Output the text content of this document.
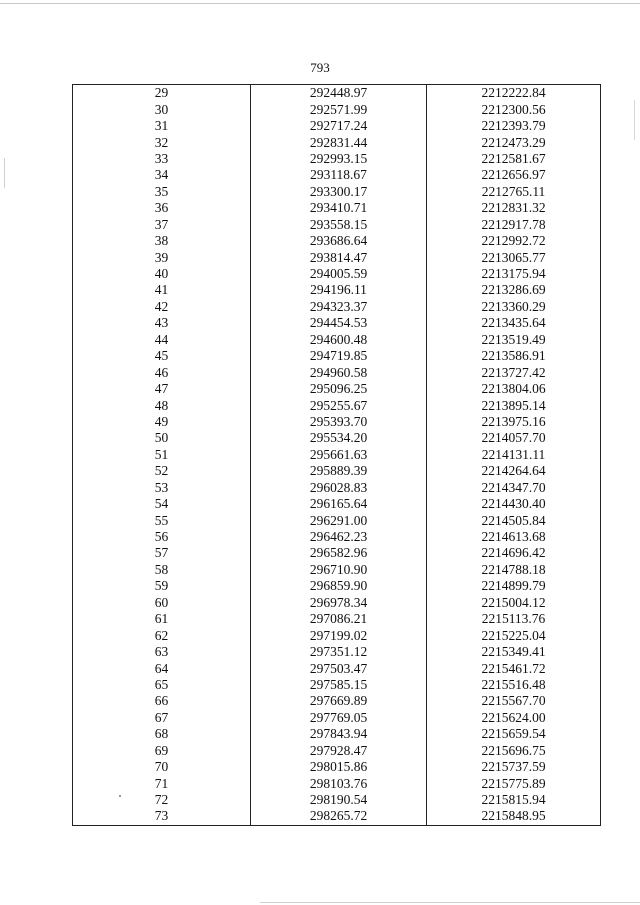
793
29	292448.97	2212222.84
30	292571.99	2212300.56
31	292717.24	2212393.79
32	292831.44	2212473.29
33	292993.15	2212581.67
34	293118.67	2212656.97
35	293300.17	2212765.11
36	293410.71	2212831.32
37	293558.15	2212917.78
38	293686.64	2212992.72
39	293814.47	2213065.77
40	294005.59	2213175.94
41	294196.11	2213286.69
42	294323.37	2213360.29
43	294454.53	2213435.64
44	294600.48	2213519.49
45	294719.85	2213586.91
46	294960.58	2213727.42
47	295096.25	2213804.06
48	295255.67	2213895.14
49	295393.70	2213975.16
50	295534.20	2214057.70
51	295661.63	2214131.11
52	295889.39	2214264.64
53	296028.83	2214347.70
54	296165.64	2214430.40
55	296291.00	2214505.84
56	296462.23	2214613.68
57	296582.96	2214696.42
58	296710.90	2214788.18
59	296859.90	2214899.79
60	296978.34	2215004.12
61	297086.21	2215113.76
62	297199.02	2215225.04
63	297351.12	2215349.41
64	297503.47	2215461.72
65	297585.15	2215516.48
66	297669.89	2215567.70
67	297769.05	2215624.00
68	297843.94	2215659.54
69	297928.47	2215696.75
70	298015.86	2215737.59
71	298103.76	2215775.89
72	298190.54	2215815.94
73	298265.72	2215848.95
